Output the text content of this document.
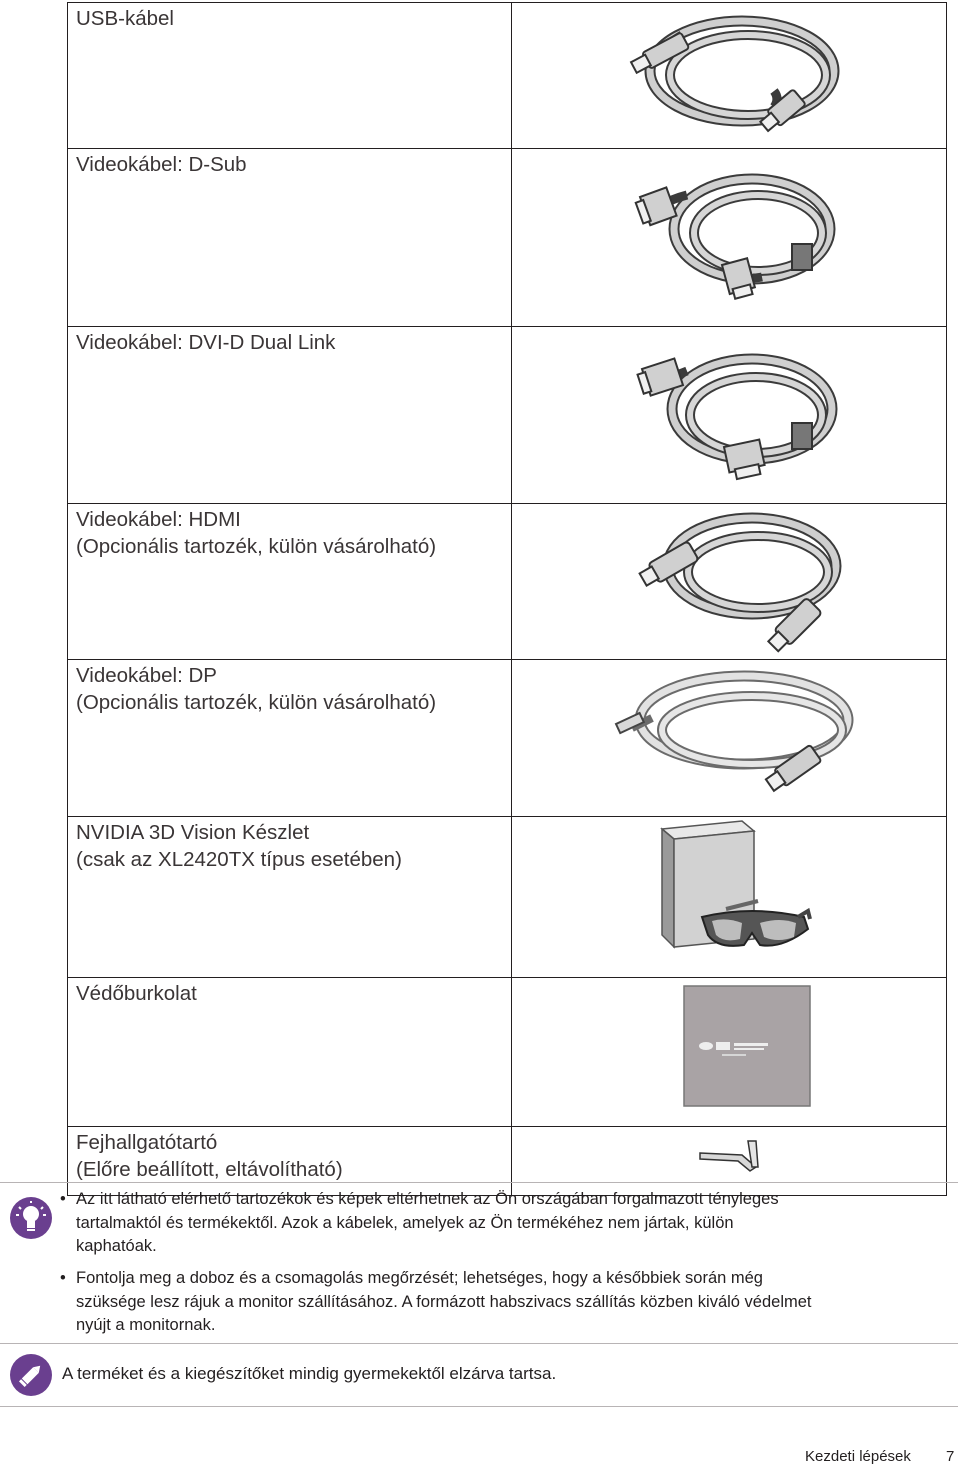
USB-kábel

Videokábel: D-Sub

Videokábel: DVI-D Dual Link

Videokábel: HDMI
(Opcionális tartozék, külön vásárolható)

Videokábel: DP
(Opcionális tartozék, külön vásárolható)

NVIDIA 3D Vision Készlet
(csak az XL2420TX típus esetében)

Védőburkolat

Fejhallgatótartó
(Előre beállított, eltávolítható)

• Az itt látható elérhető tartozékok és képek eltérhetnek az Ön országában forgalmazott tényleges
tartalmaktól és termékektől. Azok a kábelek, amelyek az Ön termékéhez nem jártak, külön
kaphatóak.
• Fontolja meg a doboz és a csomagolás megőrzését; lehetséges, hogy a későbbiek során még
szüksége lesz rájuk a monitor szállításához. A formázott habszivacs szállítás közben kiváló védelmet
nyújt a monitornak.
A terméket és a kiegészítőket mindig gyermekektől elzárva tartsa.
Kezdeti lépések 7
